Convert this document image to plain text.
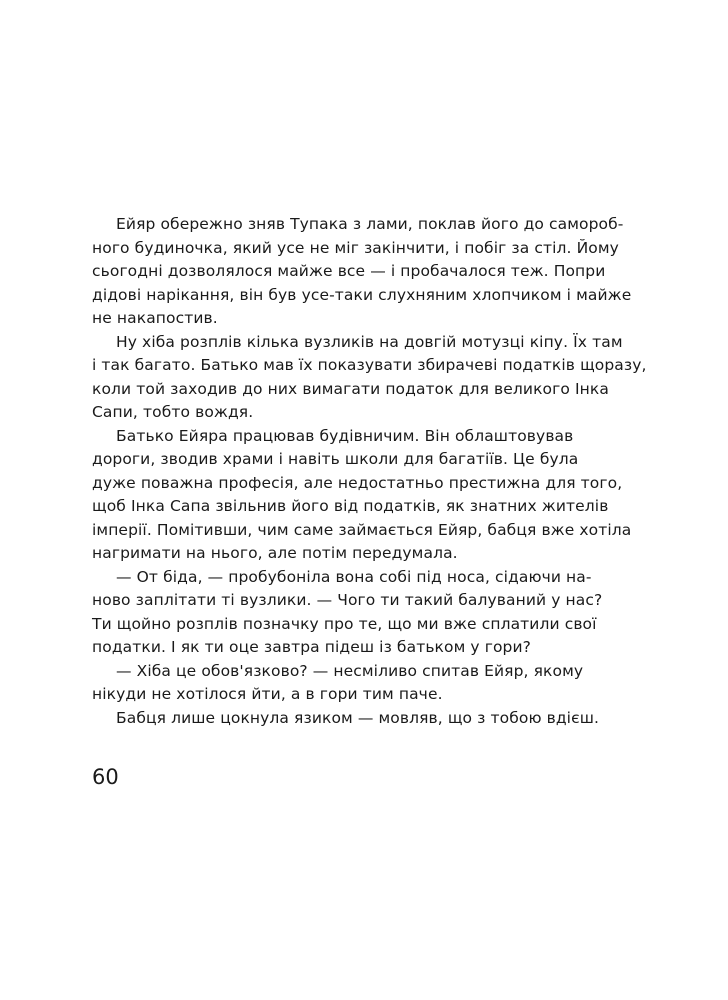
Ейяр обережно зняв Тупака з лами, поклав його до самороб-
ного будиночка, який усе не міг закінчити, і побіг за стіл. Йому
сьогодні дозволялося майже все — і пробачалося теж. Попри
дідові нарікання, він був усе-таки слухняним хлопчиком і майже
не накапостив.

Ну хіба розплів кілька вузликів на довгій мотузці кіпу. Їх там
і так багато. Батько мав їх показувати збирачеві податків щоразу,
коли той заходив до них вимагати податок для великого Інка
Сапи, тобто вождя.

Батько Ейяра працював будівничим. Він облаштовував
дороги, зводив храми і навіть школи для багатіїв. Це була
дуже поважна професія, але недостатньо престижна для того,
щоб Інка Сапа звільнив його від податків, як знатних жителів
імперії. Помітивши, чим саме займається Ейяр, бабця вже хотіла
нагримати на нього, але потім передумала.

— От біда, — пробубоніла вона собі під носа, сідаючи на-
ново заплітати ті вузлики. — Чого ти такий балуваний у нас?
Ти щойно розплів позначку про те, що ми вже сплатили свої
податки. І як ти оце завтра підеш із батьком у гори?

— Хіба це обов'язково? — несміливо спитав Ейяр, якому
нікуди не хотілося йти, а в гори тим паче.

Бабця лише цокнула язиком — мовляв, що з тобою вдієш.

60
